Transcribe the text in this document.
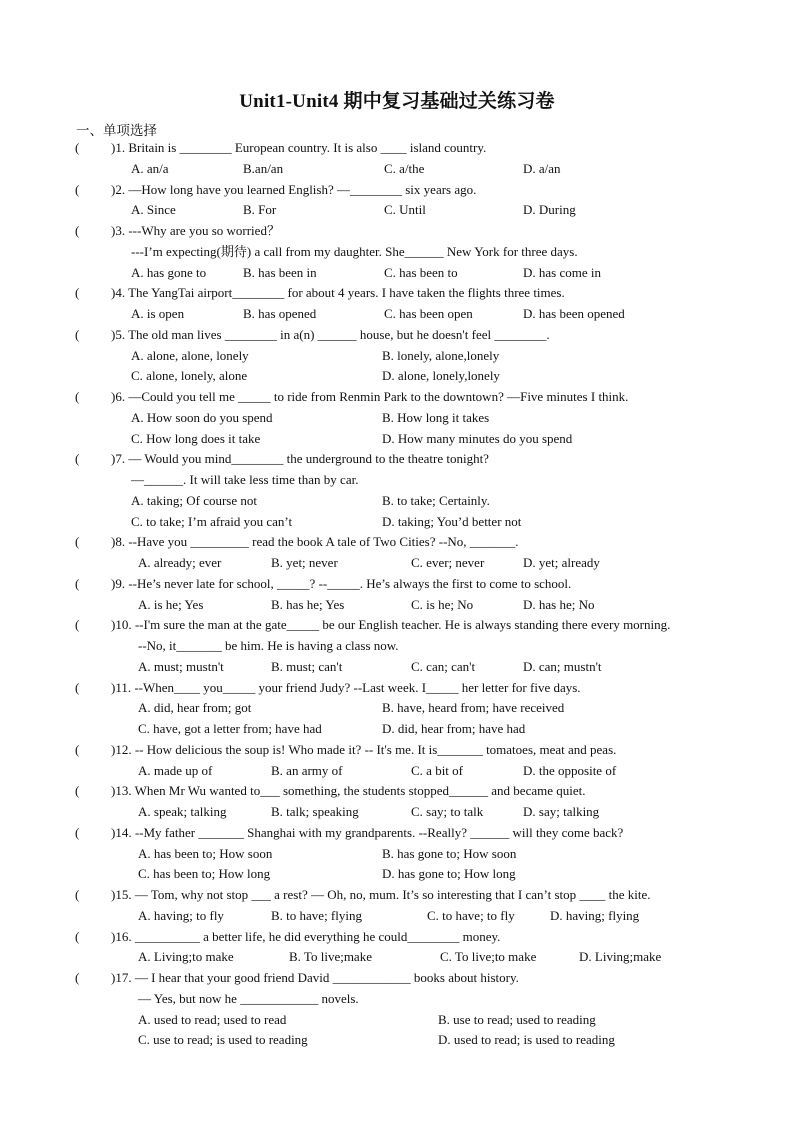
Unit1-Unit4 期中复习基础过关练习卷
一、单项选择
( )1. Britain is ________ European country. It is also ____ island country.
A. an/a	B.an/an	C. a/the	D. a/an
( )2. —How long have you learned English? —________ six years ago.
A. Since	B. For	C. Until	D. During
( )3. ---Why are you so worried？
---I’m expecting(期待) a call from my daughter. She______ New York for three days.
A. has gone to	B. has been in	C. has been to	D. has come in
( )4. The YangTai airport________ for about 4 years. I have taken the flights three times.
A. is open	B. has opened	C. has been open	D. has been opened
( )5. The old man lives ________ in a(n) ______ house, but he doesn't feel ________.
A. alone, alone, lonely	B. lonely, alone,lonely
C. alone, lonely, alone	D. alone, lonely,lonely
( )6. —Could you tell me _____ to ride from Renmin Park to the downtown? —Five minutes I think.
A. How soon do you spend	B. How long it takes
C. How long does it take	D. How many minutes do you spend
( )7. — Would you mind________ the underground to the theatre tonight?
—______. It will take less time than by car.
A. taking; Of course not	B. to take; Certainly.
C. to take; I’m afraid you can’t	D. taking; You’d better not
( )8. --Have you _________ read the book A tale of Two Cities? --No, _______.
A. already; ever	B. yet; never	C. ever; never	D. yet; already
( )9. --He’s never late for school, _____? --_____. He’s always the first to come to school.
A. is he; Yes	B. has he; Yes	C. is he; No	D. has he; No
( )10. --I'm sure the man at the gate_____ be our English teacher. He is always standing there every morning.
--No, it_______ be him. He is having a class now.
A. must; mustn't	B. must; can't	C. can; can't	D. can; mustn't
( )11. --When____ you_____ your friend Judy? --Last week. I_____ her letter for five days.
A. did, hear from; got	B. have, heard from; have received
C. have, got a letter from; have had	D. did, hear from; have had
( )12. -- How delicious the soup is! Who made it? -- It's me. It is_______ tomatoes, meat and peas.
A. made up of	B. an army of	C. a bit of	D. the opposite of
( )13. When Mr Wu wanted to___ something, the students stopped______ and became quiet.
A. speak; talking	B. talk; speaking	C. say; to talk	D. say; talking
( )14. --My father _______ Shanghai with my grandparents. --Really? ______ will they come back?
A. has been to; How soon	B. has gone to; How soon
C. has been to; How long	D. has gone to; How long
( )15. — Tom, why not stop ___ a rest? — Oh, no, mum. It’s so interesting that I can’t stop ____ the kite.
A. having; to fly	B. to have; flying	C. to have; to fly	D. having; flying
( )16. __________ a better life, he did everything he could________ money.
A. Living;to make	B. To live;make	C. To live;to make	D. Living;make
( )17. — I hear that your good friend David ____________ books about history.
— Yes, but now he ____________ novels.
A. used to read; used to read	B. use to read; used to reading
C. use to read; is used to reading	D. used to read; is used to reading
